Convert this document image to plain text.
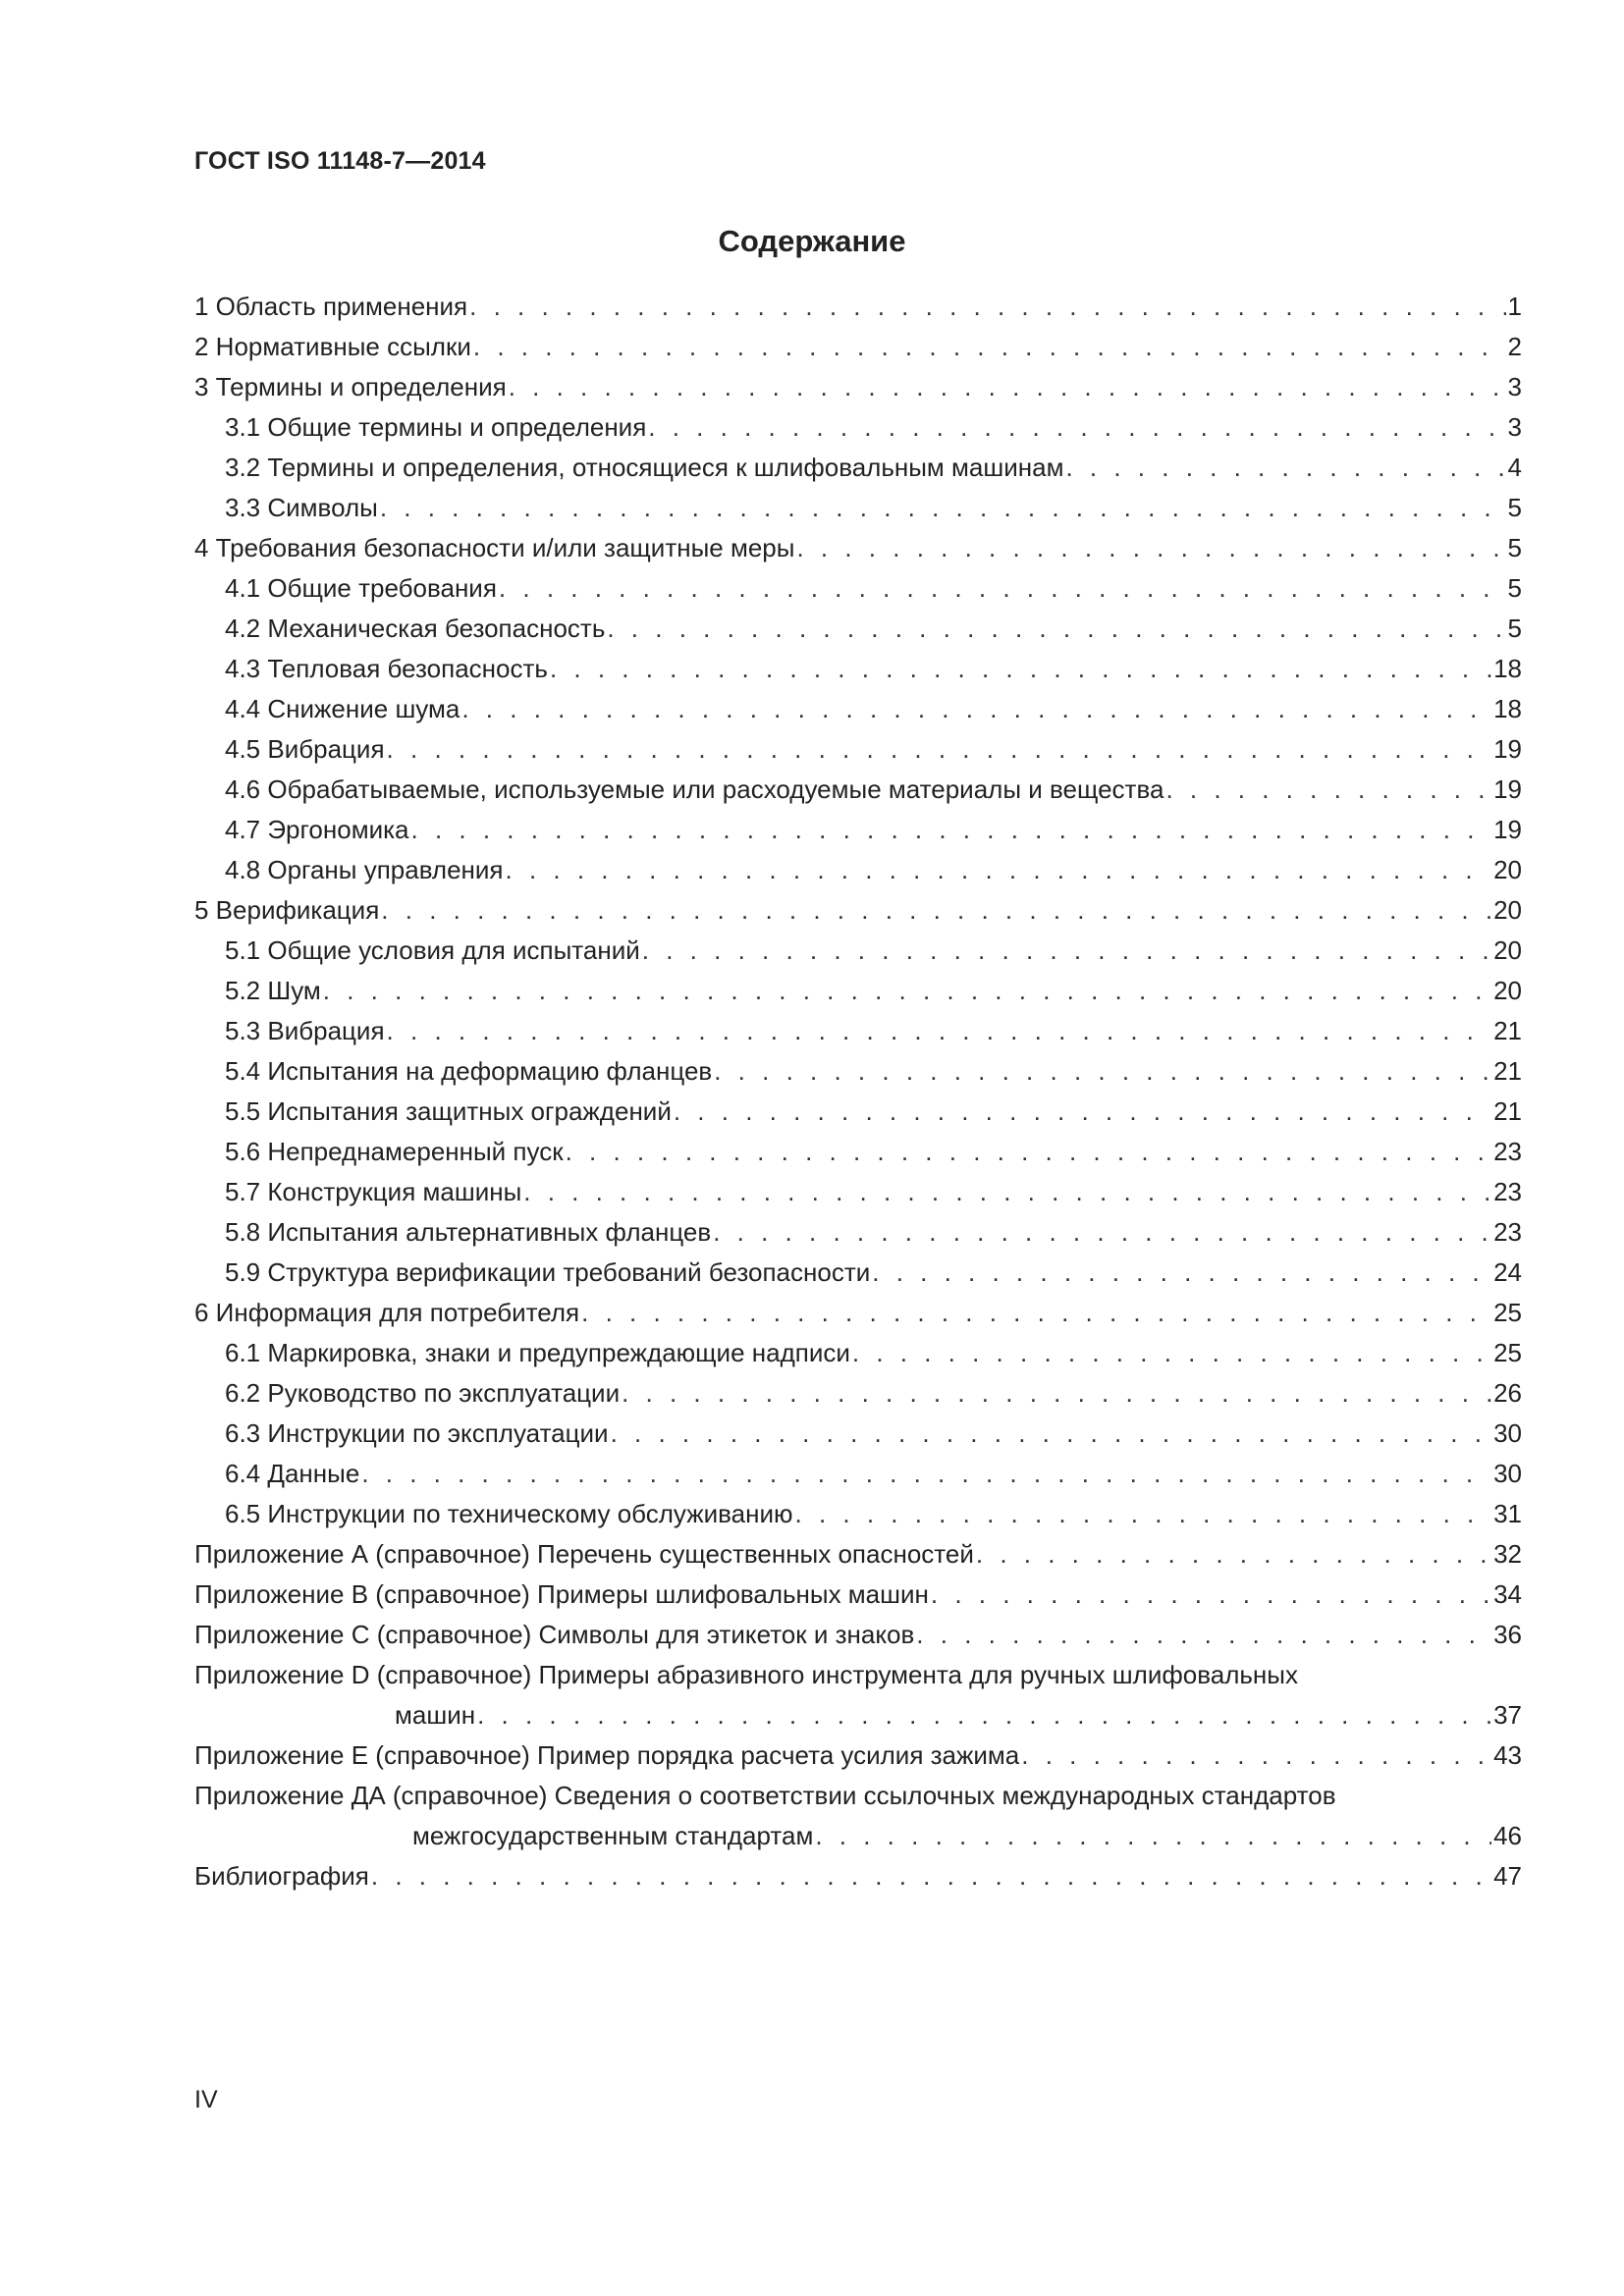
ГОСТ ISO 11148-7—2014
Содержание
1 Область применения . . .	1
2 Нормативные ссылки . . .	2
3 Термины и определения . . .	3
3.1 Общие термины и определения . . .	3
3.2 Термины и определения, относящиеся к шлифовальным машинам . . .	4
3.3 Символы . . .	5
4 Требования безопасности и/или защитные меры . . .	5
4.1 Общие требования . . .	5
4.2 Механическая безопасность . . .	5
4.3 Тепловая безопасность . . .	18
4.4 Снижение шума . . .	18
4.5 Вибрация . . .	19
4.6 Обрабатываемые, используемые или расходуемые материалы и вещества . . .	19
4.7 Эргономика . . .	19
4.8 Органы управления . . .	20
5 Верификация . . .	20
5.1 Общие условия для испытаний . . .	20
5.2 Шум . . .	20
5.3 Вибрация . . .	21
5.4 Испытания на деформацию фланцев . . .	21
5.5 Испытания защитных ограждений . . .	21
5.6 Непреднамеренный пуск . . .	23
5.7 Конструкция машины . . .	23
5.8 Испытания альтернативных фланцев . . .	23
5.9 Структура верификации требований безопасности . . .	24
6 Информация для потребителя . . .	25
6.1 Маркировка, знаки и предупреждающие надписи . . .	25
6.2 Руководство по эксплуатации . . .	26
6.3 Инструкции по эксплуатации . . .	30
6.4 Данные . . .	30
6.5 Инструкции по техническому обслуживанию . . .	31
Приложение А (справочное) Перечень существенных опасностей . . .	32
Приложение В (справочное) Примеры шлифовальных машин . . .	34
Приложение С (справочное) Символы для этикеток и знаков . . .	36
Приложение D (справочное) Примеры абразивного инструмента для ручных шлифовальных
машин . . .	37
Приложение Е (справочное) Пример порядка расчета усилия зажима . . .	43
Приложение ДА (справочное) Сведения о соответствии ссылочных международных стандартов
межгосударственным стандартам . . .	46
Библиография . . .	47
IV
